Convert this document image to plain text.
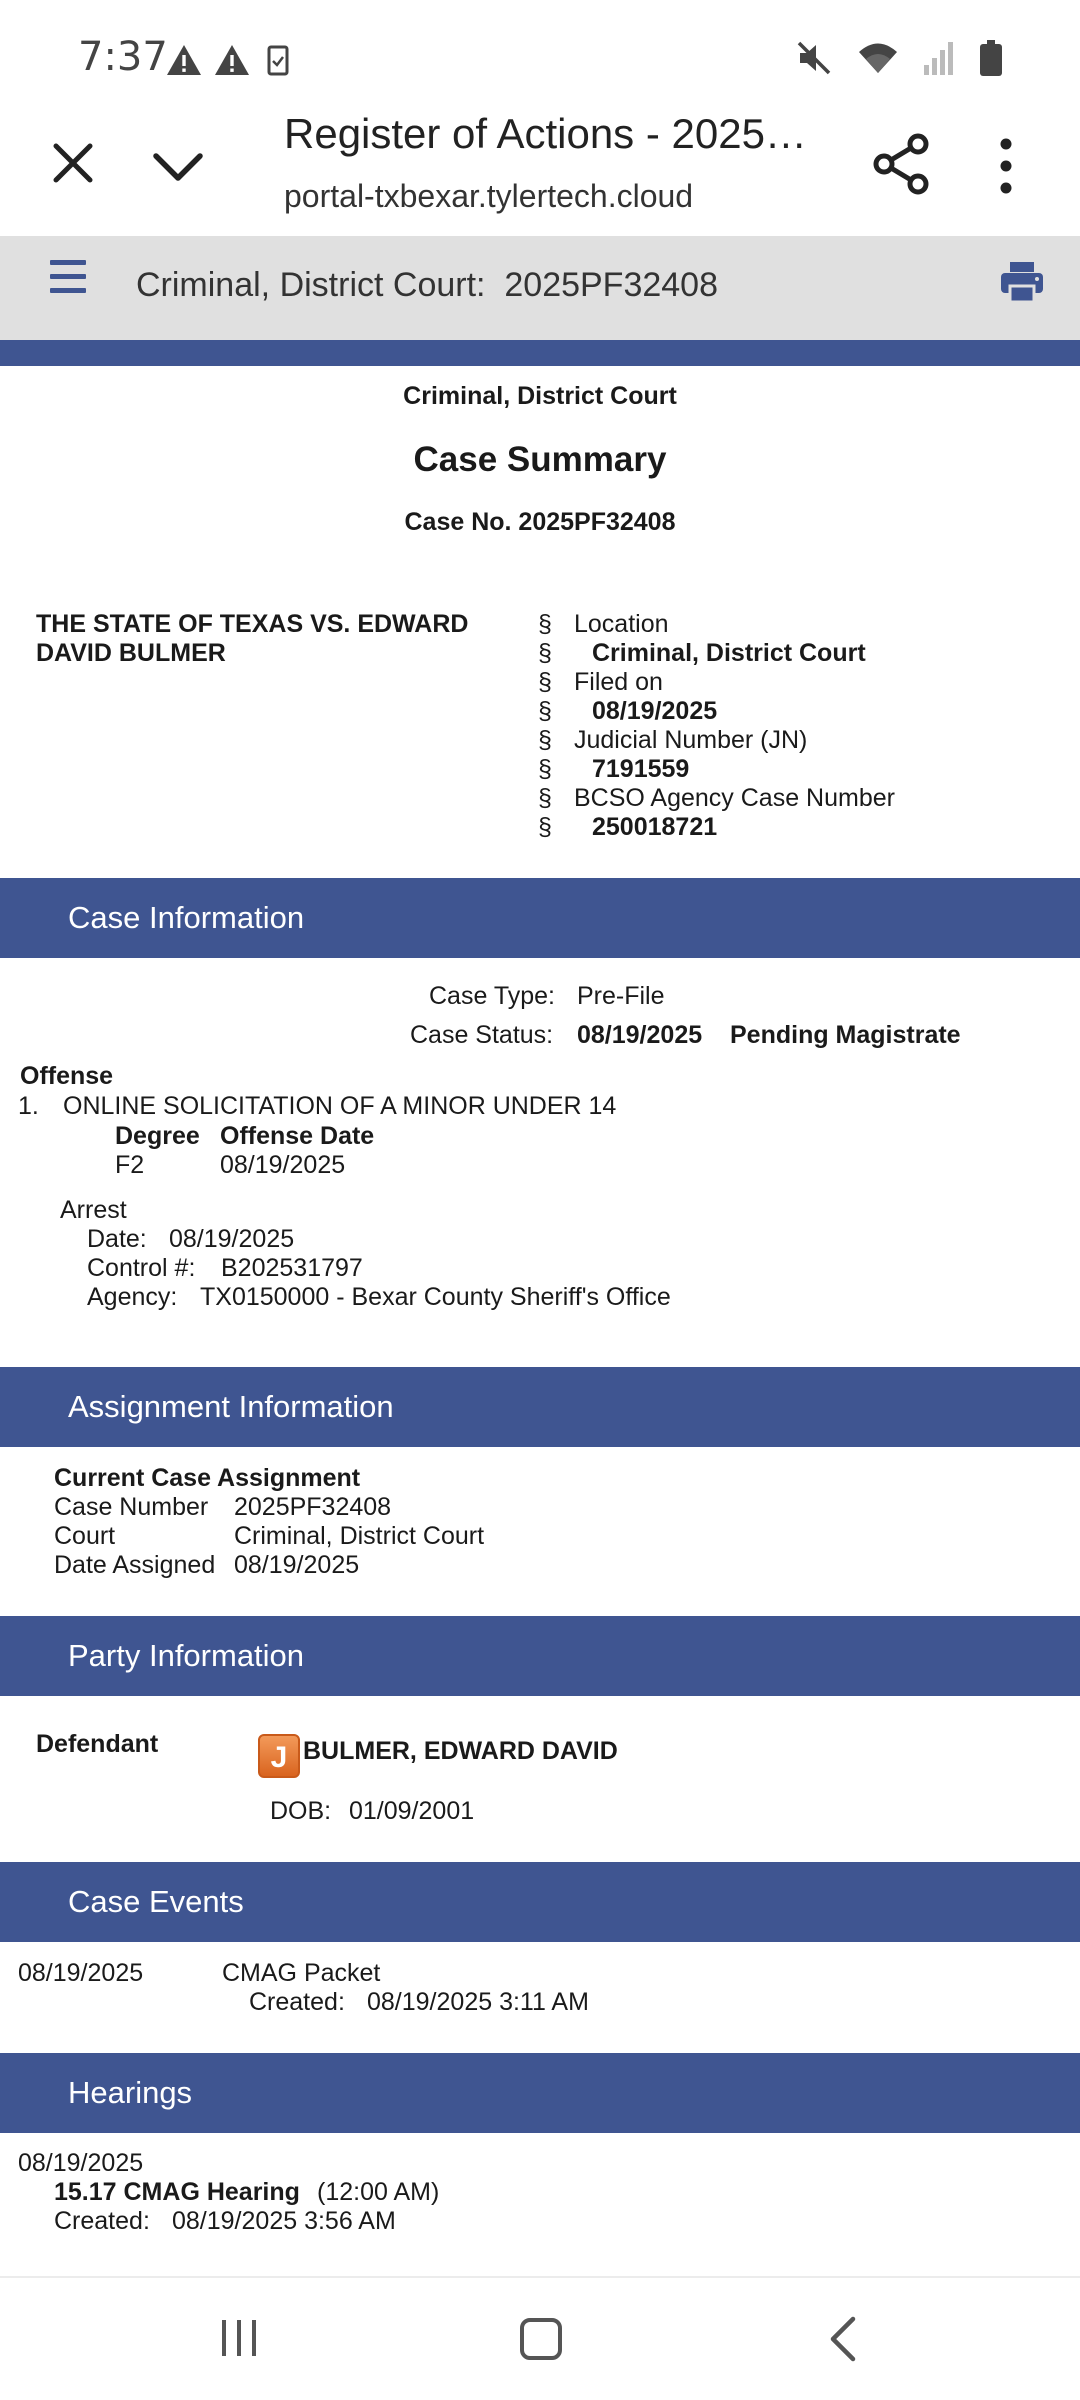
7:37
Register of Actions - 2025…
portal-txbexar.tylertech.cloud
Criminal, District Court:  2025PF32408
Criminal, District Court
Case Summary
Case No. 2025PF32408
THE STATE OF TEXAS VS. EDWARD DAVID BULMER
§ Location
§	Criminal, District Court
§ Filed on
§	08/19/2025
§ Judicial Number (JN)
§	7191559
§ BCSO Agency Case Number
§	250018721
Case Information
Case Type: Pre-File
Case Status: 08/19/2025 Pending Magistrate
Offense
1. ONLINE SOLICITATION OF A MINOR UNDER 14
Degree Offense Date
F2	08/19/2025
Arrest
Date: 08/19/2025
Control #: B202531797
Agency: TX0150000 - Bexar County Sheriff's Office
Assignment Information
Current Case Assignment
Case Number 2025PF32408
Court	Criminal, District Court
Date Assigned 08/19/2025
Party Information
Defendant	J BULMER, EDWARD DAVID
DOB: 01/09/2001
Case Events
08/19/2025	CMAG Packet
Created: 08/19/2025 3:11 AM
Hearings
08/19/2025
15.17 CMAG Hearing (12:00 AM)
Created: 08/19/2025 3:56 AM
